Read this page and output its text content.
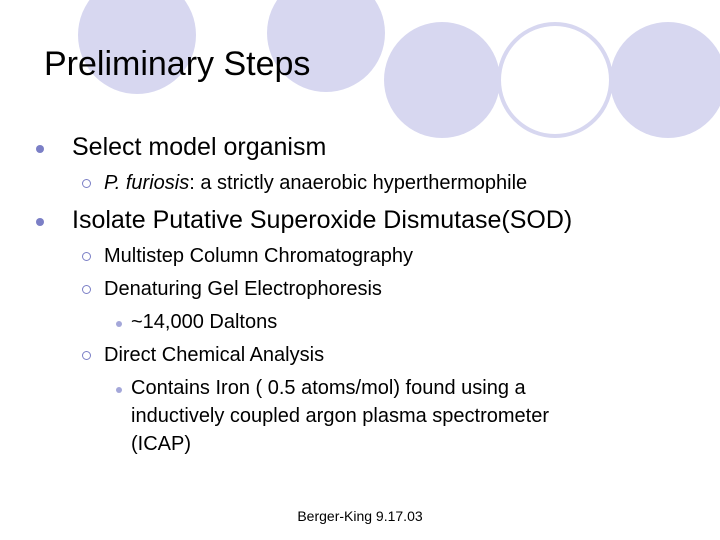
Preliminary Steps
Select model organism
P. furiosis: a strictly anaerobic hyperthermophile
Isolate Putative Superoxide Dismutase(SOD)
Multistep Column Chromatography
Denaturing Gel Electrophoresis
~14,000 Daltons
Direct Chemical Analysis
Contains Iron ( 0.5 atoms/mol) found using a
inductively coupled argon plasma spectrometer
(ICAP)
Berger-King 9.17.03
